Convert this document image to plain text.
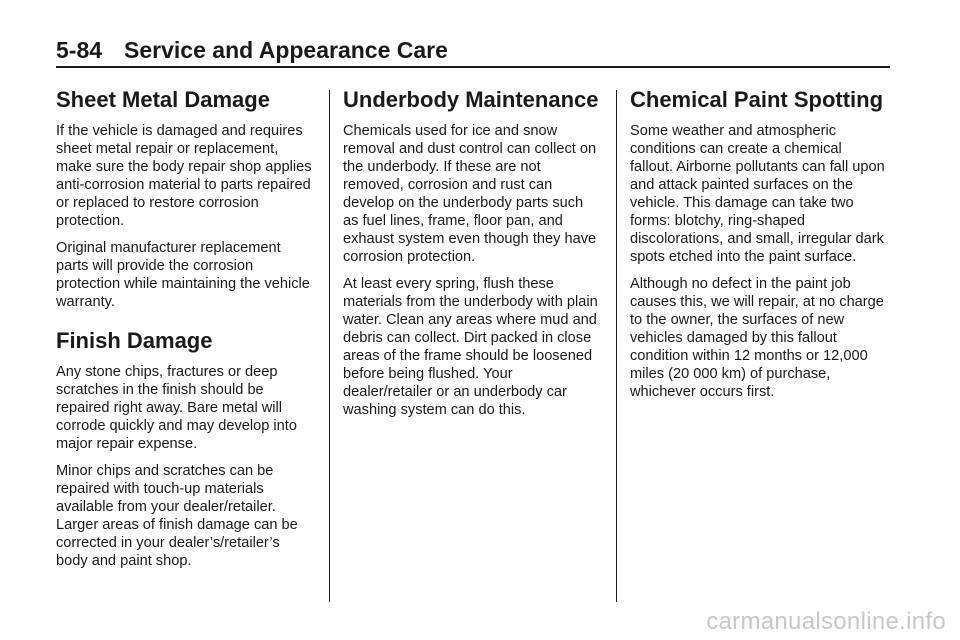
5-84 Service and Appearance Care
Sheet Metal Damage

If the vehicle is damaged and requires sheet metal repair or replacement, make sure the body repair shop applies anti-corrosion material to parts repaired or replaced to restore corrosion protection.

Original manufacturer replacement parts will provide the corrosion protection while maintaining the vehicle warranty.

Finish Damage

Any stone chips, fractures or deep scratches in the finish should be repaired right away. Bare metal will corrode quickly and may develop into major repair expense.

Minor chips and scratches can be repaired with touch-up materials available from your dealer/retailer. Larger areas of finish damage can be corrected in your dealer’s/retailer’s body and paint shop.

Underbody Maintenance

Chemicals used for ice and snow removal and dust control can collect on the underbody. If these are not removed, corrosion and rust can develop on the underbody parts such as fuel lines, frame, floor pan, and exhaust system even though they have corrosion protection.

At least every spring, flush these materials from the underbody with plain water. Clean any areas where mud and debris can collect. Dirt packed in close areas of the frame should be loosened before being flushed. Your dealer/retailer or an underbody car washing system can do this.

Chemical Paint Spotting

Some weather and atmospheric conditions can create a chemical fallout. Airborne pollutants can fall upon and attack painted surfaces on the vehicle. This damage can take two forms: blotchy, ring-shaped discolorations, and small, irregular dark spots etched into the paint surface.

Although no defect in the paint job causes this, we will repair, at no charge to the owner, the surfaces of new vehicles damaged by this fallout condition within 12 months or 12,000 miles (20 000 km) of purchase, whichever occurs first.

carmanualsonline.info
